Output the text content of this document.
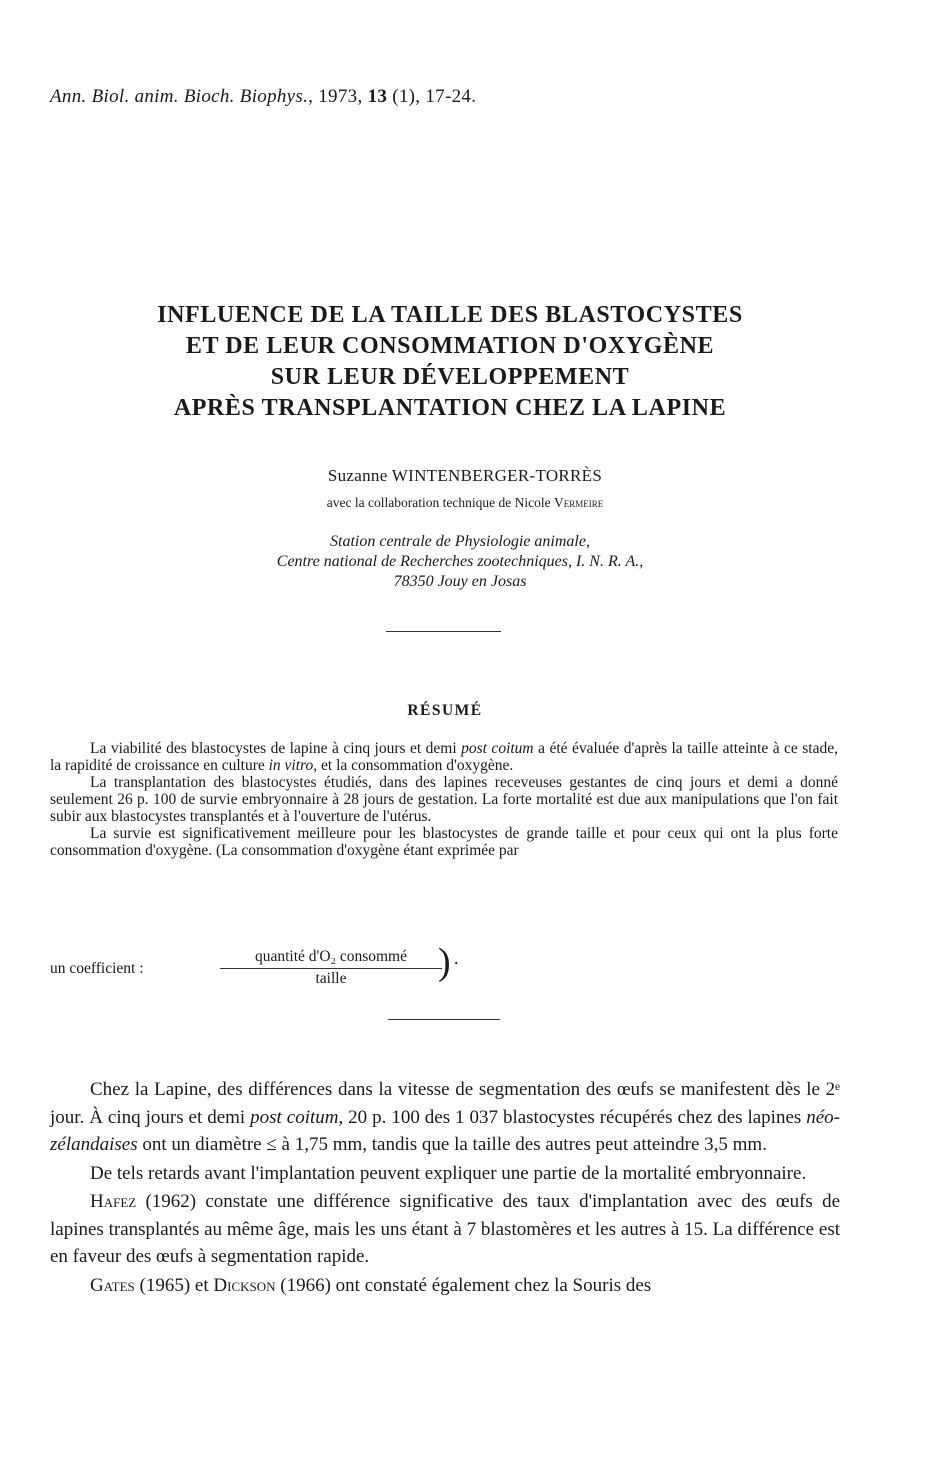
Ann. Biol. anim. Bioch. Biophys., 1973, 13 (1), 17-24.
INFLUENCE DE LA TAILLE DES BLASTOCYSTES
ET DE LEUR CONSOMMATION D'OXYGÈNE
SUR LEUR DÉVELOPPEMENT
APRÈS TRANSPLANTATION CHEZ LA LAPINE
Suzanne WINTENBERGER-TORRÈS
avec la collaboration technique de Nicole Vermeire
Station centrale de Physiologie animale,
Centre national de Recherches zootechniques, I. N. R. A.,
78350 Jouy en Josas
RÉSUMÉ

La viabilité des blastocystes de lapine à cinq jours et demi post coitum a été évaluée d'après la taille atteinte à ce stade, la rapidité de croissance en culture in vitro, et la consommation d'oxygène.

La transplantation des blastocystes étudiés, dans des lapines receveuses gestantes de cinq jours et demi a donné seulement 26 p. 100 de survie embryonnaire à 28 jours de gestation. La forte mortalité est due aux manipulations que l'on fait subir aux blastocystes transplantés et à l'ouverture de l'utérus.

La survie est significativement meilleure pour les blastocystes de grande taille et pour ceux qui ont la plus forte consommation d'oxygène. (La consommation d'oxygène étant exprimée par

un coefficient :
quantité d'O₂ consommé
taille	) .

Chez la Lapine, des différences dans la vitesse de segmentation des œufs se manifestent dès le 2ᵉ jour. À cinq jours et demi post coitum, 20 p. 100 des 1 037 blastocystes récupérés chez des lapines néo-zélandaises ont un diamètre ≤ à 1,75 mm, tandis que la taille des autres peut atteindre 3,5 mm.

De tels retards avant l'implantation peuvent expliquer une partie de la mortalité embryonnaire.

Hafez (1962) constate une différence significative des taux d'implantation avec des œufs de lapines transplantés au même âge, mais les uns étant à 7 blastomères et les autres à 15. La différence est en faveur des œufs à segmentation rapide.

Gates (1965) et Dickson (1966) ont constaté également chez la Souris des
